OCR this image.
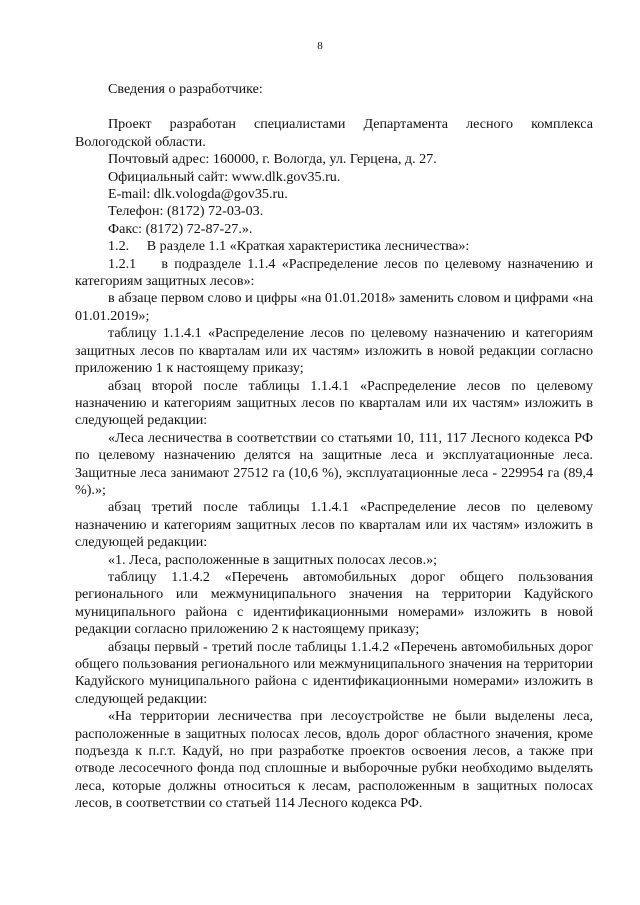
8

Сведения о разработчике:

Проект разработан специалистами Департамента лесного комплекса Вологодской области.

Почтовый адрес: 160000, г. Вологда, ул. Герцена, д. 27.

Официальный сайт: www.dlk.gov35.ru.

E-mail: dlk.vologda@gov35.ru.

Телефон: (8172) 72-03-03.

Факс: (8172) 72-87-27.».

1.2.     В разделе 1.1 «Краткая характеристика лесничества»:

1.2.1    в подразделе 1.1.4 «Распределение лесов по целевому назначению и категориям защитных лесов»:

в абзаце первом слово и цифры «на 01.01.2018» заменить словом и цифрами «на 01.01.2019»;

таблицу 1.1.4.1 «Распределение лесов по целевому назначению и категориям защитных лесов по кварталам или их частям» изложить в новой редакции согласно приложению 1 к настоящему приказу;

абзац второй после таблицы 1.1.4.1 «Распределение лесов по целевому назначению и категориям защитных лесов по кварталам или их частям» изложить в следующей редакции:

«Леса лесничества в соответствии со статьями 10, 111, 117 Лесного кодекса РФ по целевому назначению делятся на защитные леса и эксплуатационные леса. Защитные леса занимают 27512 га (10,6 %), эксплуатационные леса - 229954 га (89,4 %).»;

абзац третий после таблицы 1.1.4.1 «Распределение лесов по целевому назначению и категориям защитных лесов по кварталам или их частям» изложить в следующей редакции:

«1. Леса, расположенные в защитных полосах лесов.»;

таблицу 1.1.4.2 «Перечень автомобильных дорог общего пользования регионального или межмуниципального значения на территории Кадуйского муниципального района с идентификационными номерами» изложить в новой редакции согласно приложению 2 к настоящему приказу;

абзацы первый - третий после таблицы 1.1.4.2 «Перечень автомобильных дорог общего пользования регионального или межмуниципального значения на территории Кадуйского муниципального района с идентификационными номерами» изложить в следующей редакции:

«На территории лесничества при лесоустройстве не были выделены леса, расположенные в защитных полосах лесов, вдоль дорог областного значения, кроме подъезда к п.г.т. Кадуй, но при разработке проектов освоения лесов, а также при отводе лесосечного фонда под сплошные и выборочные рубки необходимо выделять леса, которые должны относиться к лесам, расположенным в защитных полосах лесов, в соответствии со статьей 114 Лесного кодекса РФ.
